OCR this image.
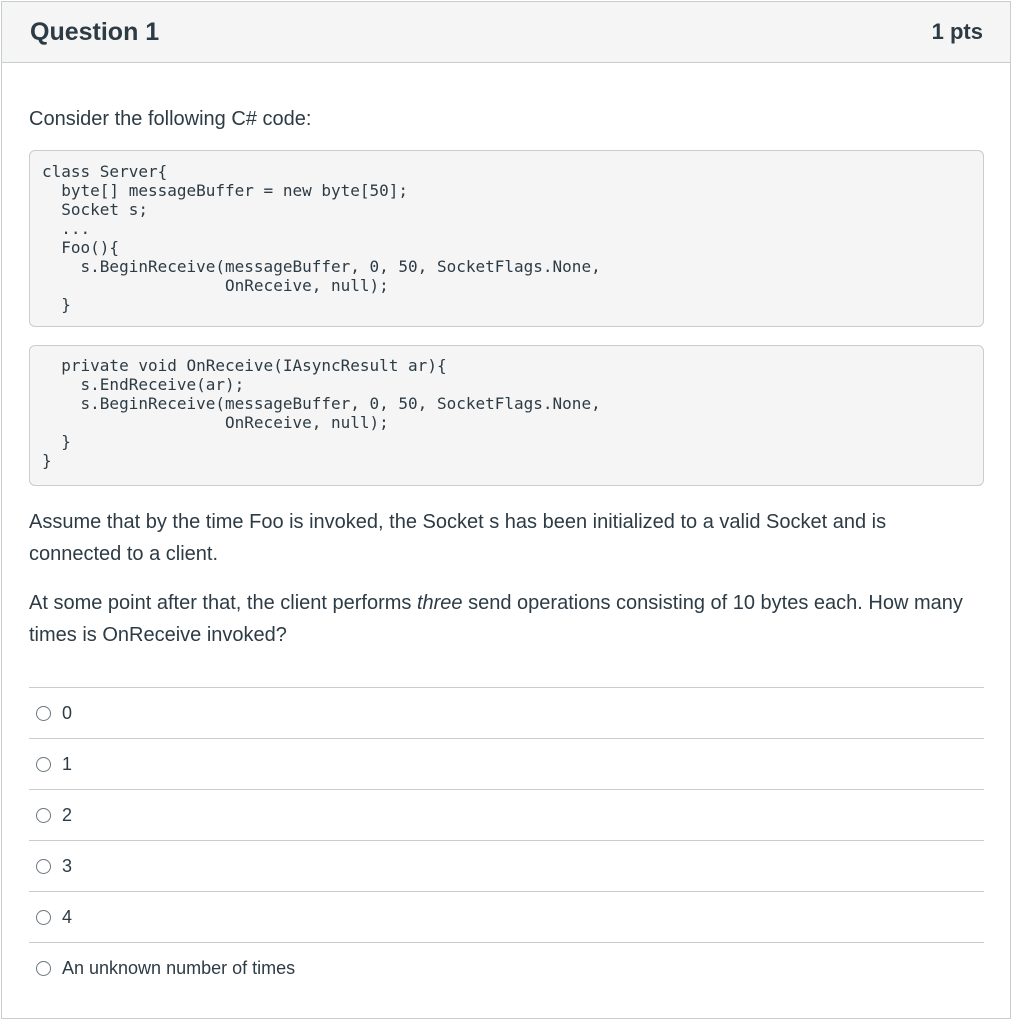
Question 1	1 pts

Consider the following C# code:

class Server{
byte[] messageBuffer = new byte[50];
Socket s;
...
Foo(){
s.BeginReceive(messageBuffer, 0, 50, SocketFlags.None,
OnReceive, null);
}
private void OnReceive(IAsyncResult ar){
s.EndReceive(ar);
s.BeginReceive(messageBuffer, 0, 50, SocketFlags.None,
OnReceive, null);
}
}

Assume that by the time Foo is invoked, the Socket s has been initialized to a valid Socket and is connected to a client.

At some point after that, the client performs three send operations consisting of 10 bytes each. How many times is OnReceive invoked?

0
1
2
3
4
An unknown number of times
